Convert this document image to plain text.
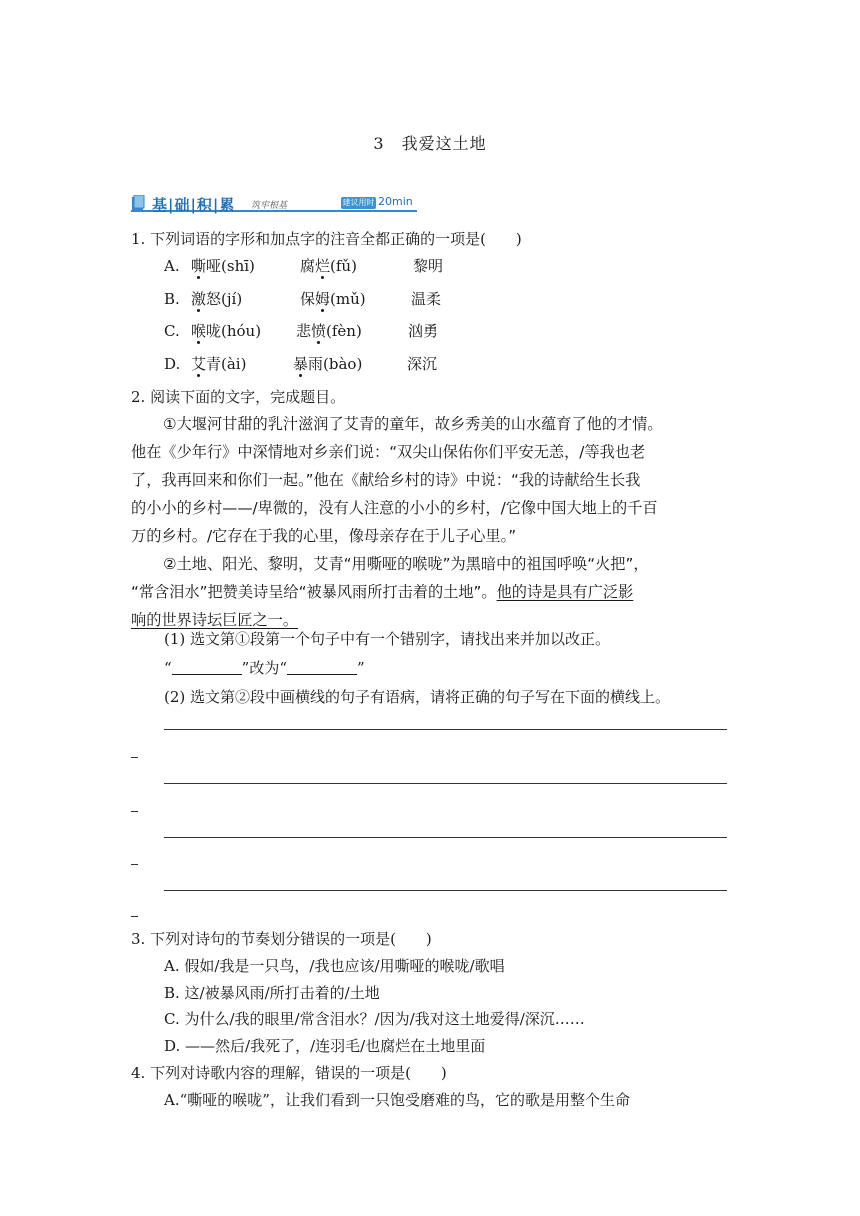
3　我爱这土地
基|础|积|累 筑牢根基	建议用时 20min
1. 下列词语的字形和加点字的注音全都正确的一项是(　　)
A. 嘶哑(shī)	腐烂(fǔ)	黎明
B. 激怒(jí)	保姆(mǔ)	温柔
C. 喉咙(hóu) 悲愤(fèn)	汹勇
D. 艾青(ài)	暴雨(bào)	深沉
2. 阅读下面的文字，完成题目。
①大堰河甘甜的乳汁滋润了艾青的童年，故乡秀美的山水蕴育了他的才情。
他在《少年行》中深情地对乡亲们说：“双尖山保佑你们平安无恙，/等我也老
了，我再回来和你们一起。”他在《献给乡村的诗》中说：“我的诗献给生长我
的小小的乡村——/卑微的，没有人注意的小小的乡村，/它像中国大地上的千百
万的乡村。/它存在于我的心里，像母亲存在于儿子心里。”
②土地、阳光、黎明，艾青“用嘶哑的喉咙”为黑暗中的祖国呼唤“火把”，
“常含泪水”把赞美诗呈给“被暴风雨所打击着的土地”。他的诗是具有广泛影
响的世界诗坛巨匠之一。
(1) 选文第①段第一个句子中有一个错别字，请找出来并加以改正。
“	”改为“	”
(2) 选文第②段中画横线的句子有语病，请将正确的句子写在下面的横线上。
3. 下列对诗句的节奏划分错误的一项是(　　)
A. 假如/我是一只鸟，/我也应该/用嘶哑的喉咙/歌唱
B. 这/被暴风雨/所打击着的/土地
C. 为什么/我的眼里/常含泪水？/因为/我对这土地爱得/深沉……
D. ——然后/我死了，/连羽毛/也腐烂在土地里面
4. 下列对诗歌内容的理解，错误的一项是(　　)
A.“嘶哑的喉咙”，让我们看到一只饱受磨难的鸟，它的歌是用整个生命
